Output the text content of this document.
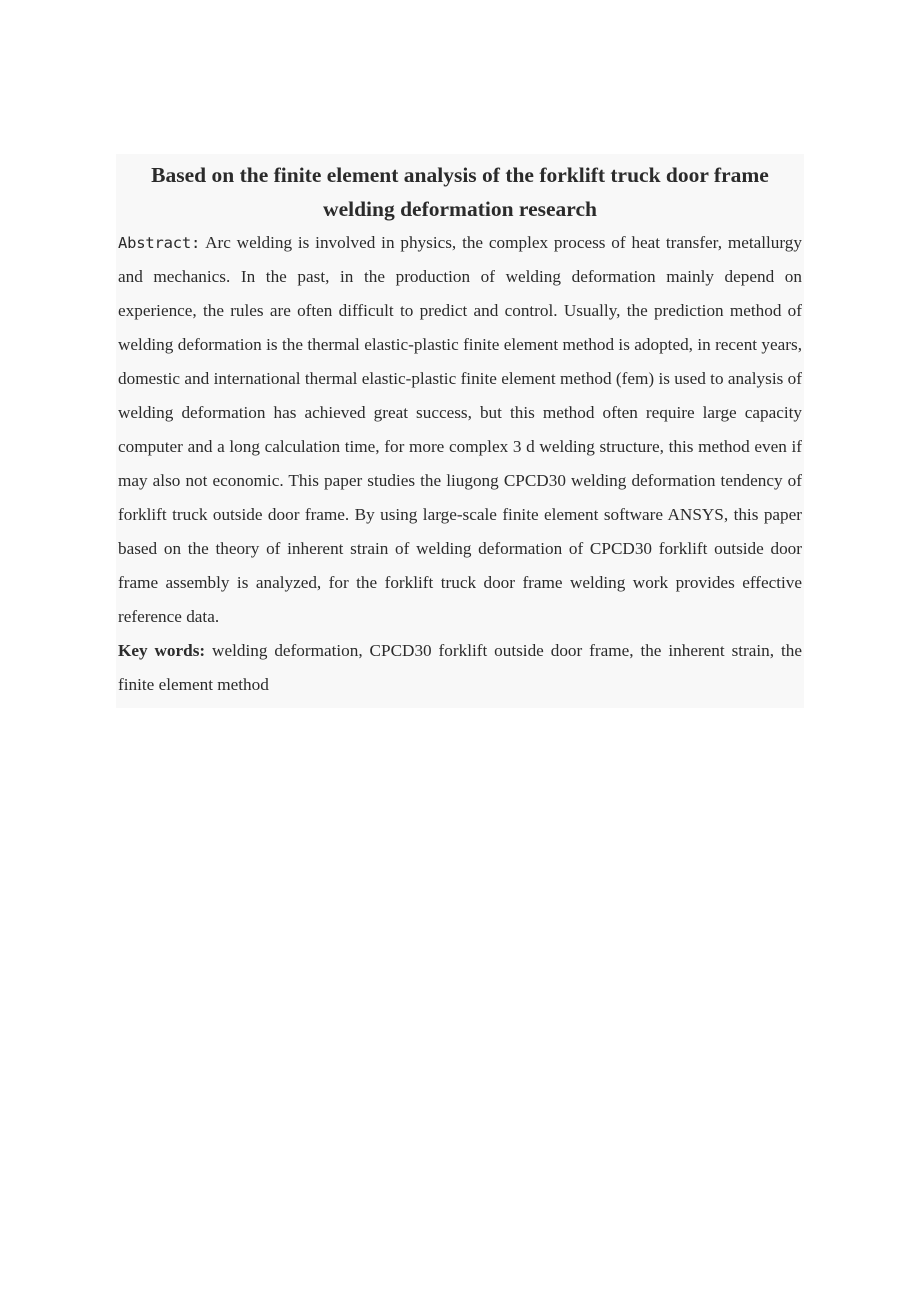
Based on the finite element analysis of the forklift truck door frame welding deformation research

Abstract: Arc welding is involved in physics, the complex process of heat transfer, metallurgy and mechanics. In the past, in the production of welding deformation mainly depend on experience, the rules are often difficult to predict and control. Usually, the prediction method of welding deformation is the thermal elastic-plastic finite element method is adopted, in recent years, domestic and international thermal elastic-plastic finite element method (fem) is used to analysis of welding deformation has achieved great success, but this method often require large capacity computer and a long calculation time, for more complex 3 d welding structure, this method even if may also not economic. This paper studies the liugong CPCD30 welding deformation tendency of forklift truck outside door frame. By using large-scale finite element software ANSYS, this paper based on the theory of inherent strain of welding deformation of CPCD30 forklift outside door frame assembly is analyzed, for the forklift truck door frame welding work provides effective reference data.

Key words: welding deformation, CPCD30 forklift outside door frame, the inherent strain, the finite element method
